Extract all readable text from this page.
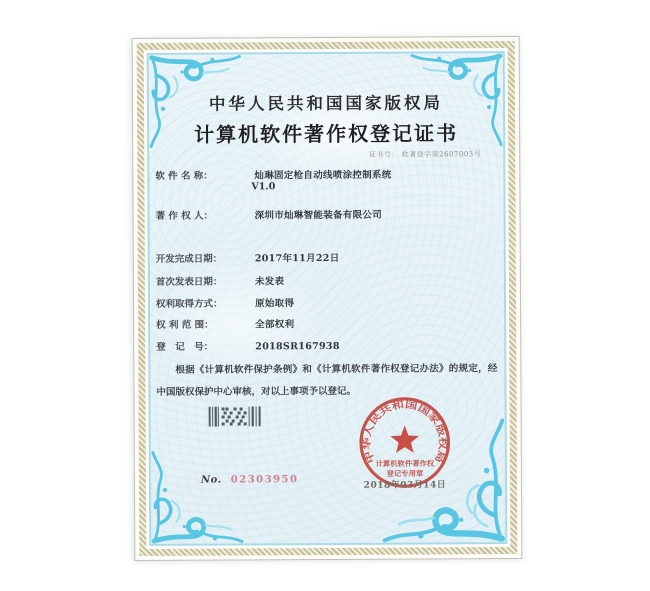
中华人民共和国国家版权局
计算机软件著作权登记证书
证书号： 软著登字第2607003号
软 件 名 称：	灿琳固定枪自动线喷涂控制系统
V1.0
著 作 权 人：	深圳市灿琳智能装备有限公司
开发完成日期：	2017年11月22日
首次发表日期：	未发表
权利取得方式：	原始取得
权 利 范 围：	全部权利
登　记　号：	2018SR167938
根据《计算机软件保护条例》和《计算机软件著作权登记办法》的规定，经中国版权保护中心审核，对以上事项予以登记。
中华人民共和国国家版权局
计算机软件著作权
登记专用章
2018年03月14日
No. 02303950
